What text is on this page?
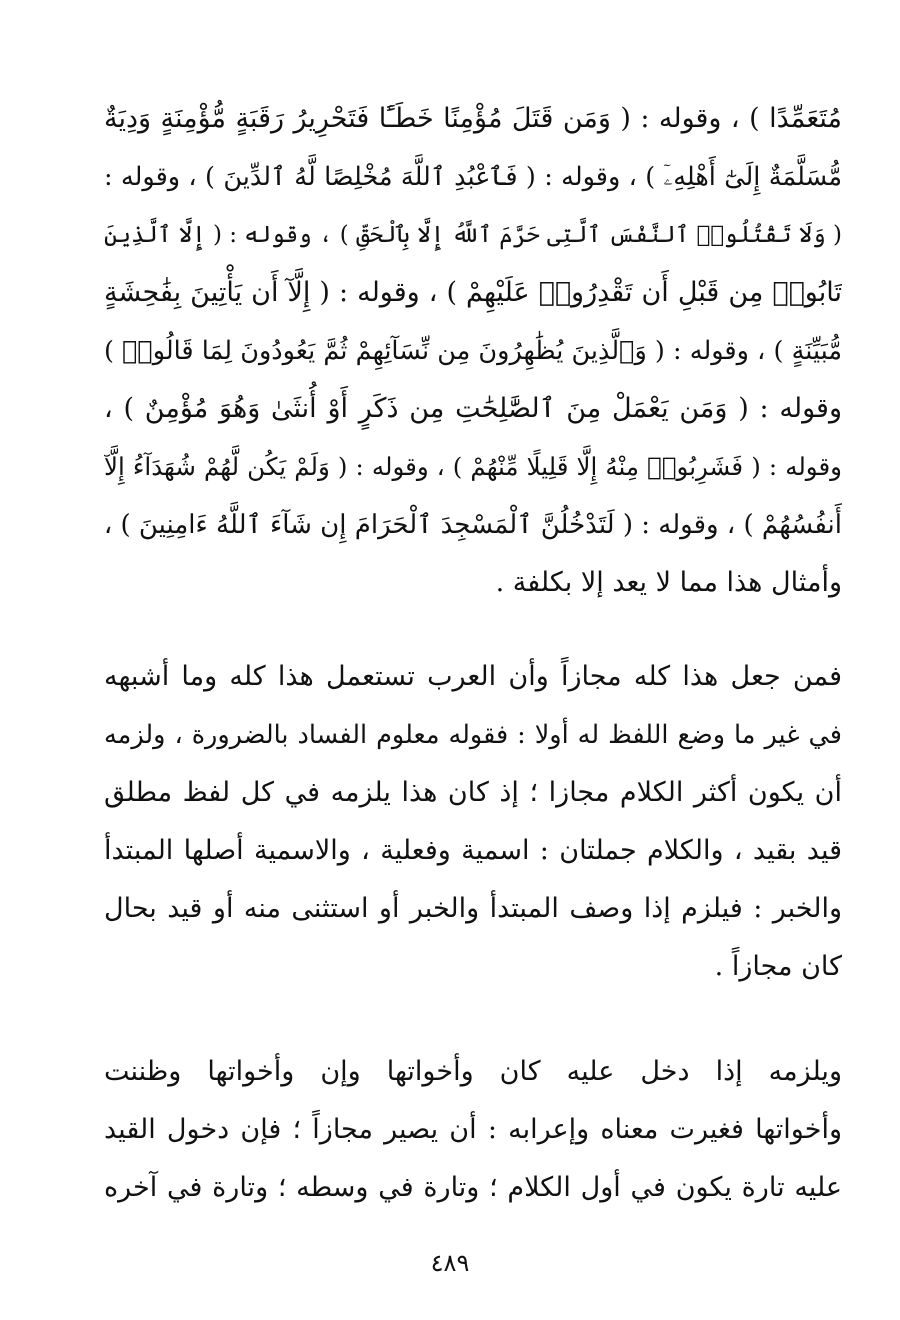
مُتَعَمِّدًا ) ، وقوله : ( وَمَن قَتَلَ مُؤْمِنًا خَطَـًٔا فَتَحْرِيرُ رَقَبَةٍ مُّؤْمِنَةٍ وَدِيَةٌ
مُّسَلَّمَةٌ إِلَىٰٓ أَهْلِهِۦٓ ) ، وقوله : ( فَٱعْبُدِ ٱللَّهَ مُخْلِصًا لَّهُ ٱلدِّينَ ) ، وقوله :
( وَلَا تَقْتُلُوا۟ ٱلنَّفْسَ ٱلَّتِى حَرَّمَ ٱللَّهُ إِلَّا بِٱلْحَقِّ ) ، وقوله : ( إِلَّا ٱلَّذِينَ
تَابُوا۟ مِن قَبْلِ أَن تَقْدِرُوا۟ عَلَيْهِمْ ) ، وقوله : ( إِلَّآ أَن يَأْتِينَ بِفَٰحِشَةٍ
مُّبَيِّنَةٍ ) ، وقوله : ( وَٱلَّذِينَ يُظَٰهِرُونَ مِن نِّسَآئِهِمْ ثُمَّ يَعُودُونَ لِمَا قَالُوا۟ )
وقوله : ( وَمَن يَعْمَلْ مِنَ ٱلصَّٰلِحَٰتِ مِن ذَكَرٍ أَوْ أُنثَىٰ وَهُوَ مُؤْمِنٌ ) ،
وقوله : ( فَشَرِبُوا۟ مِنْهُ إِلَّا قَلِيلًا مِّنْهُمْ ) ، وقوله : ( وَلَمْ يَكُن لَّهُمْ شُهَدَآءُ إِلَّآ
أَنفُسُهُمْ ) ، وقوله : ( لَتَدْخُلُنَّ ٱلْمَسْجِدَ ٱلْحَرَامَ إِن شَآءَ ٱللَّهُ ءَامِنِينَ ) ،
وأمثال هذا مما لا يعد إلا بكلفة .
فمن جعل هذا كله مجازاً وأن العرب تستعمل هذا كله وما أشبهه
في غير ما وضع اللفظ له أولا : فقوله معلوم الفساد بالضرورة ، ولزمه
أن يكون أكثر الكلام مجازا ؛ إذ كان هذا يلزمه في كل لفظ مطلق
قيد بقيد ، والكلام جملتان : اسمية وفعلية ، والاسمية أصلها المبتدأ
والخبر : فيلزم إذا وصف المبتدأ والخبر أو استثنى منه أو قيد بحال
كان مجازاً .
ويلزمه إذا دخل عليه كان وأخواتها وإن وأخواتها وظننت
وأخواتها فغيرت معناه وإعرابه : أن يصير مجازاً ؛ فإن دخول القيد
عليه تارة يكون في أول الكلام ؛ وتارة في وسطه ؛ وتارة في آخره
٤٨٩
